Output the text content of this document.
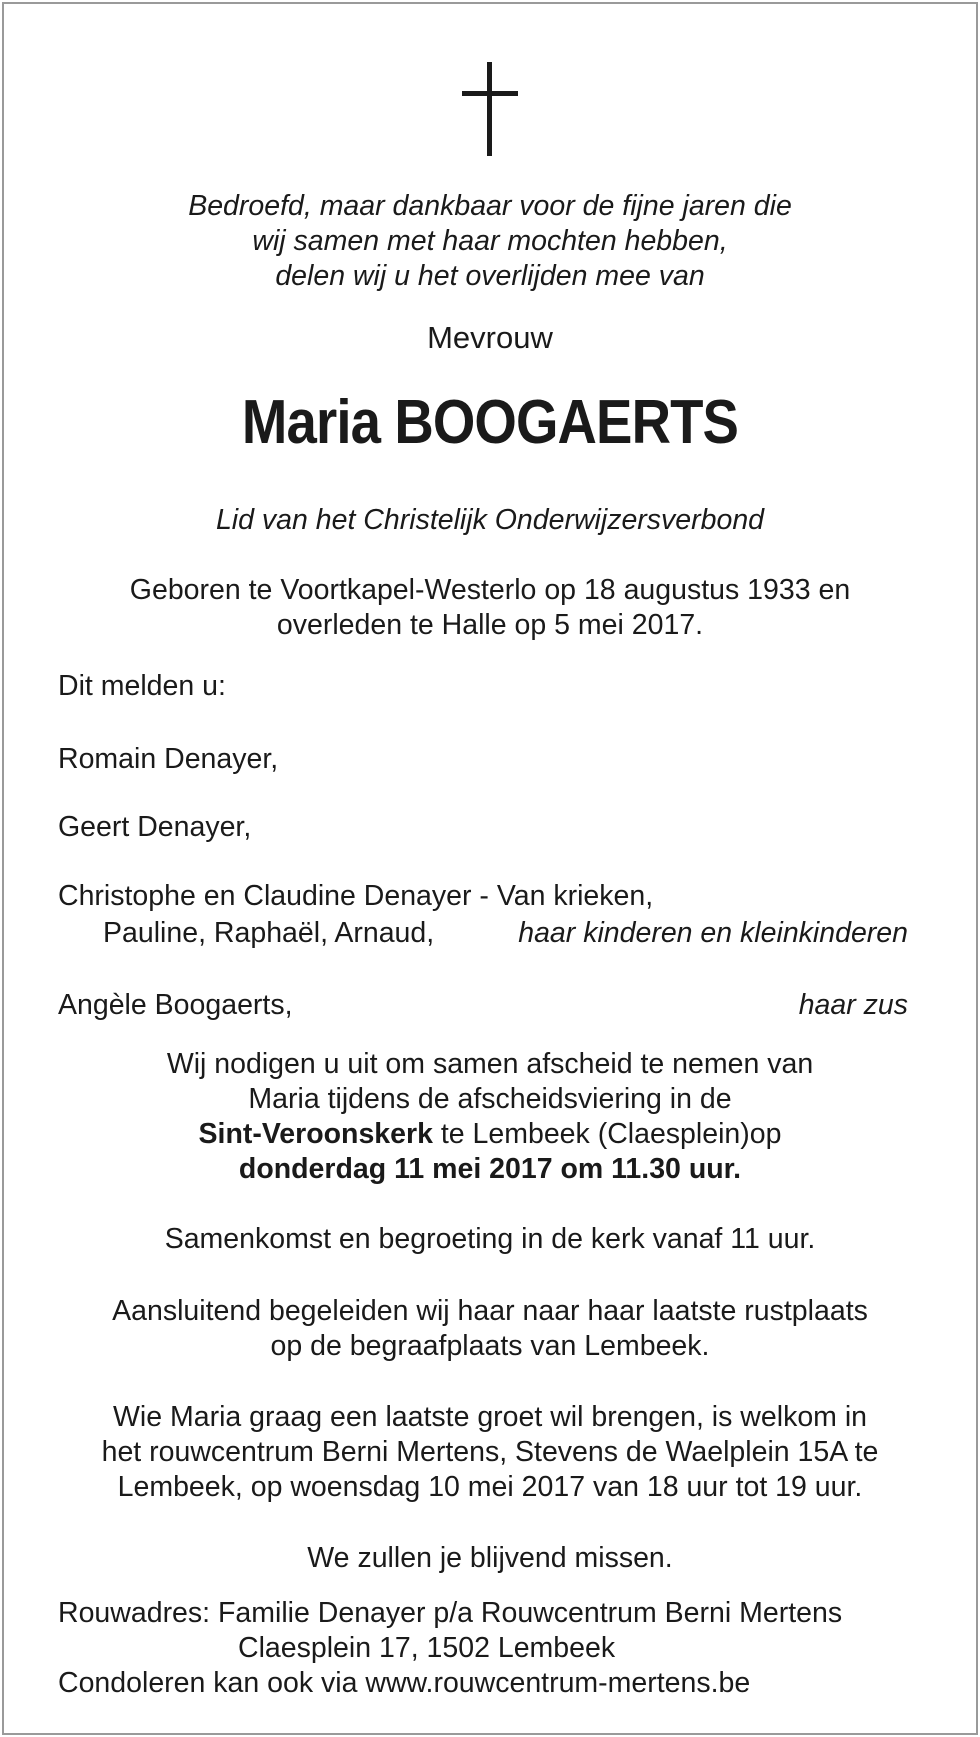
Bedroefd, maar dankbaar voor de fijne jaren die
wij samen met haar mochten hebben,
delen wij u het overlijden mee van
Mevrouw
Maria BOOGAERTS
Lid van het Christelijk Onderwijzersverbond
Geboren te Voortkapel-Westerlo op 18 augustus 1933 en
overleden te Halle op 5 mei 2017.
Dit melden u:
Romain Denayer,
Geert Denayer,
Christophe en Claudine Denayer - Van krieken,
Pauline, Raphaël, Arnaud,	haar kinderen en kleinkinderen
Angèle Boogaerts,	haar zus
Wij nodigen u uit om samen afscheid te nemen van
Maria tijdens de afscheidsviering in de
Sint-Veroonskerk te Lembeek (Claesplein)op
donderdag 11 mei 2017 om 11.30 uur.
Samenkomst en begroeting in de kerk vanaf 11 uur.
Aansluitend begeleiden wij haar naar haar laatste rustplaats
op de begraafplaats van Lembeek.
Wie Maria graag een laatste groet wil brengen, is welkom in
het rouwcentrum Berni Mertens, Stevens de Waelplein 15A te
Lembeek, op woensdag 10 mei 2017 van 18 uur tot 19 uur.
We zullen je blijvend missen.
Rouwadres: Familie Denayer p/a Rouwcentrum Berni Mertens
Claesplein 17, 1502 Lembeek
Condoleren kan ook via www.rouwcentrum-mertens.be
